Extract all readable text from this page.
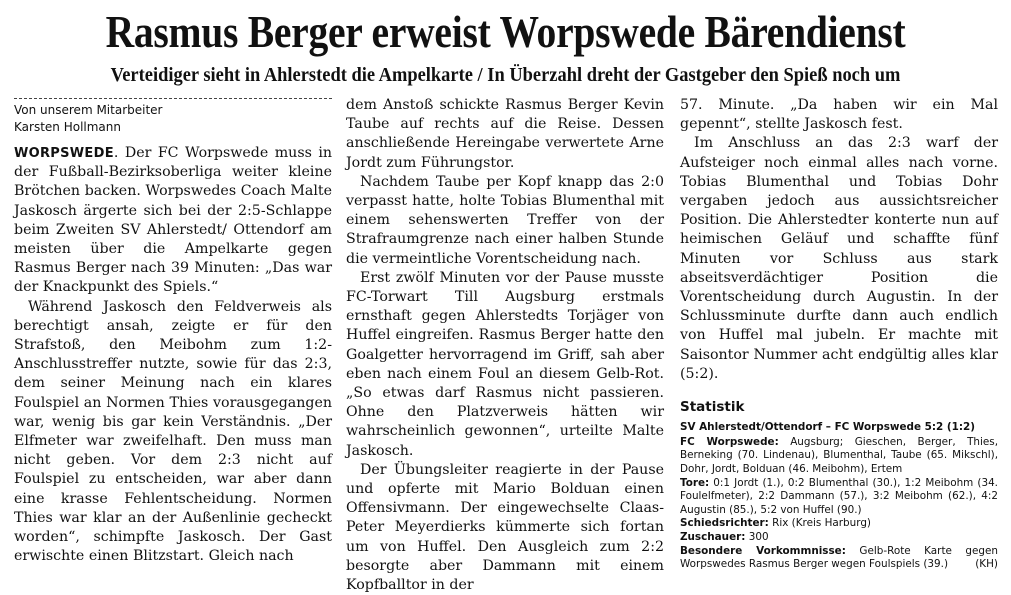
Rasmus Berger erweist Worpswede Bärendienst
Verteidiger sieht in Ahlerstedt die Ampelkarte / In Überzahl dreht der Gastgeber den Spieß noch um
Von unserem Mitarbeiter
Karsten Hollmann

WORPSWEDE. Der FC Worpswede muss in der Fußball-Bezirksoberliga weiter kleine Brötchen backen. Worpswedes Coach Malte Jaskosch ärgerte sich bei der 2:5-Schlappe beim Zweiten SV Ahlerstedt/ Ottendorf am meisten über die Ampelkarte gegen Rasmus Berger nach 39 Minuten: „Das war der Knackpunkt des Spiels.“

Während Jaskosch den Feldverweis als berechtigt ansah, zeigte er für den Strafstoß, den Meibohm zum 1:2-Anschlusstreffer nutzte, sowie für das 2:3, dem seiner Meinung nach ein klares Foulspiel an Normen Thies vorausgegangen war, wenig bis gar kein Verständnis. „Der Elfmeter war zweifelhaft. Den muss man nicht geben. Vor dem 2:3 nicht auf Foulspiel zu entscheiden, war aber dann eine krasse Fehlentscheidung. Normen Thies war klar an der Außenlinie gecheckt worden“, schimpfte Jaskosch. Der Gast erwischte einen Blitzstart. Gleich nach

dem Anstoß schickte Rasmus Berger Kevin Taube auf rechts auf die Reise. Dessen anschließende Hereingabe verwertete Arne Jordt zum Führungstor.

Nachdem Taube per Kopf knapp das 2:0 verpasst hatte, holte Tobias Blumenthal mit einem sehenswerten Treffer von der Strafraumgrenze nach einer halben Stunde die vermeintliche Vorentscheidung nach.

Erst zwölf Minuten vor der Pause musste FC-Torwart Till Augsburg erstmals ernsthaft gegen Ahlerstedts Torjäger von Huffel eingreifen. Rasmus Berger hatte den Goalgetter hervorragend im Griff, sah aber eben nach einem Foul an diesem Gelb-Rot. „So etwas darf Rasmus nicht passieren. Ohne den Platzverweis hätten wir wahrscheinlich gewonnen“, urteilte Malte Jaskosch.

Der Übungsleiter reagierte in der Pause und opferte mit Mario Bolduan einen Offensivmann. Der eingewechselte Claas-Peter Meyerdierks kümmerte sich fortan um von Huffel. Den Ausgleich zum 2:2 besorgte aber Dammann mit einem Kopfballtor in der

57. Minute. „Da haben wir ein Mal gepennt“, stellte Jaskosch fest.

Im Anschluss an das 2:3 warf der Aufsteiger noch einmal alles nach vorne. Tobias Blumenthal und Tobias Dohr vergaben jedoch aus aussichtsreicher Position. Die Ahlerstedter konterte nun auf heimischen Geläuf und schaffte fünf Minuten vor Schluss aus stark abseitsverdächtiger Position die Vorentscheidung durch Augustin. In der Schlussminute durfte dann auch endlich von Huffel mal jubeln. Er machte mit Saisontor Nummer acht endgültig alles klar (5:2).

Statistik
SV Ahlerstedt/Ottendorf – FC Worpswede 5:2 (1:2)
FC Worpswede: Augsburg; Gieschen, Berger, Thies, Berneking (70. Lindenau), Blumenthal, Taube (65. Mikschl), Dohr, Jordt, Bolduan (46. Meibohm), Ertem
Tore: 0:1 Jordt (1.), 0:2 Blumenthal (30.), 1:2 Meibohm (34. Foulelfmeter), 2:2 Dammann (57.), 3:2 Meibohm (62.), 4:2 Augustin (85.), 5:2 von Huffel (90.)
Schiedsrichter: Rix (Kreis Harburg)
Zuschauer: 300
Besondere Vorkommnisse: Gelb-Rote Karte gegen Worpswedes Rasmus Berger wegen Foulspiels (39.)	(KH)
